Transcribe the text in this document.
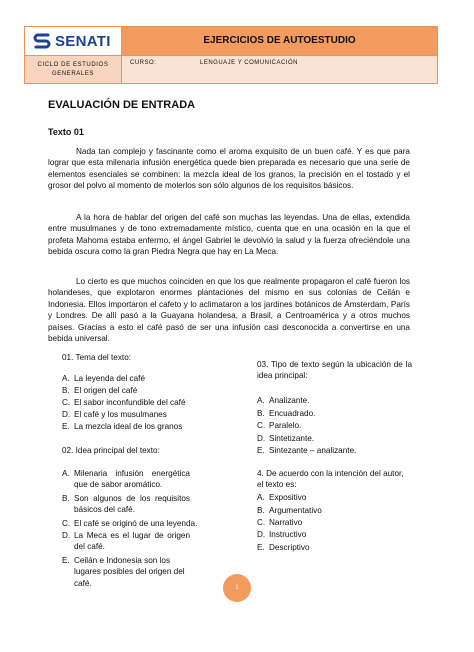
SENATI	EJERCICIOS DE AUTOESTUDIO
CICLO DE ESTUDIOS
GENERALES
CURSO:	LENGUAJE Y COMUNICACIÓN
EVALUACIÓN DE ENTRADA
Texto 01

Nada tan complejo y fascinante como el aroma exquisito de un buen café. Y es que para lograr que esta milenaria infusión energética quede bien preparada es necesario que una serie de elementos esenciales se combinen: la mezcla ideal de los granos, la precisión en el tostado y el grosor del polvo al momento de molerlos son sólo algunos de los requisitos básicos.

A la hora de hablar del origen del café son muchas las leyendas. Una de ellas, extendida entre musulmanes y de tono extremadamente místico, cuenta que en una ocasión en la que el profeta Mahoma estaba enfermo, el ángel Gabriel le devolvió la salud y la fuerza ofreciéndole una bebida oscura como la gran Piedra Negra que hay en La Meca.

Lo cierto es que muchos coinciden en que los que realmente propagaron el café fueron los holandeses, que explotaron enormes plantaciones del mismo en sus colonias de Ceilán e Indonesia. Ellos importaron el cafeto y lo aclimataron a los jardines botánicos de Ámsterdam, París y Londres. De allí pasó a la Guayana holandesa, a Brasil, a Centroamérica y a otros muchos países. Gracias a esto el café pasó de ser una infusión casi desconocida a convertirse en una bebida universal.

01. Tema del texto:
A. La leyenda del café
B. El origen del café
C. El sabor inconfundible del café
D. El café y los musulmanes
E. La mezcla ideal de los granos
02. Idea principal del texto:
A. Milenaria infusión energética que de sabor aromático.
B. Son algunos de los requisitos básicos del café.
C. El café se originó de una leyenda.
D. La Meca es el lugar de origen del café.
E. Ceilán e Indonesia son los lugares posibles del origen del café.
03. Tipo de texto según la ubicación de la idea principal:
A. Analizante.
B. Encuadrado.
C. Paralelo.
D. Sintetizante.
E. Sintezante – analizante.
4. De acuerdo con la intención del autor, el texto es:
A. Expositivo
B. Argumentativo
C. Narrativo
D. Instructivo
E. Descriptivo
1
